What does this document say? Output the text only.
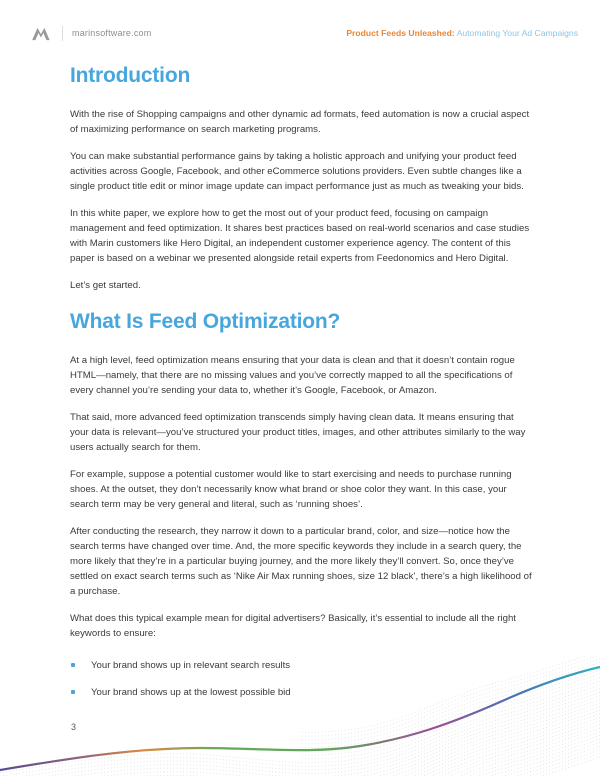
marinsoftware.com	Product Feeds Unleashed: Automating Your Ad Campaigns
Introduction

With the rise of Shopping campaigns and other dynamic ad formats, feed automation is now a crucial aspect of maximizing performance on search marketing programs.

You can make substantial performance gains by taking a holistic approach and unifying your product feed activities across Google, Facebook, and other eCommerce solutions providers. Even subtle changes like a single product title edit or minor image update can impact performance just as much as tweaking your bids.

In this white paper, we explore how to get the most out of your product feed, focusing on campaign management and feed optimization. It shares best practices based on real-world scenarios and case studies with Marin customers like Hero Digital, an independent customer experience agency. The content of this paper is based on a webinar we presented alongside retail experts from Feedonomics and Hero Digital.

Let’s get started.

What Is Feed Optimization?

At a high level, feed optimization means ensuring that your data is clean and that it doesn’t contain rogue HTML—namely, that there are no missing values and you’ve correctly mapped to all the specifications of every channel you’re sending your data to, whether it’s Google, Facebook, or Amazon.

That said, more advanced feed optimization transcends simply having clean data. It means ensuring that your data is relevant—you’ve structured your product titles, images, and other attributes similarly to the way users actually search for them.

For example, suppose a potential customer would like to start exercising and needs to purchase running shoes. At the outset, they don’t necessarily know what brand or shoe color they want. In this case, your search term may be very general and literal, such as ‘running shoes’.

After conducting the research, they narrow it down to a particular brand, color, and size—notice how the search terms have changed over time. And, the more specific keywords they include in a search query, the more likely that they’re in a particular buying journey, and the more likely they’ll convert. So, once they’ve settled on exact search terms such as ‘Nike Air Max running shoes, size 12 black’, there’s a high likelihood of a purchase.

What does this typical example mean for digital advertisers? Basically, it’s essential to include all the right keywords to ensure:

Your brand shows up in relevant search results
Your brand shows up at the lowest possible bid
3
